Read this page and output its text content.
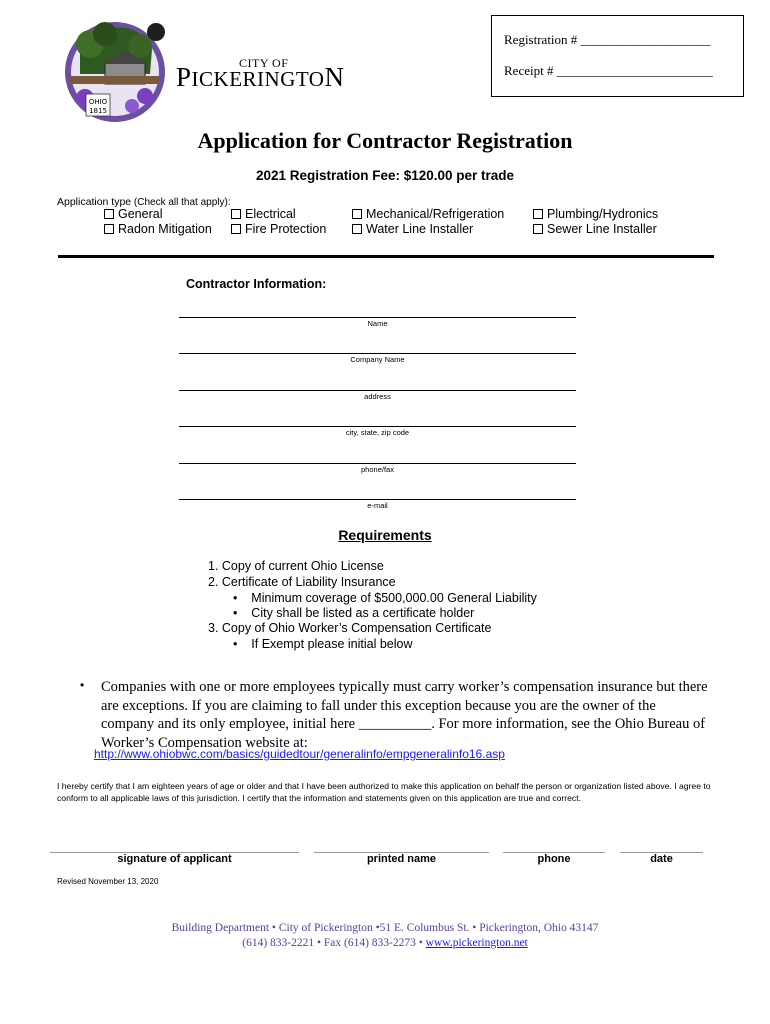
OHIO
1815
CITY OF
PICKERINGTON
Registration # ____________________
Receipt # ________________________
Application for Contractor Registration
2021 Registration Fee: $120.00 per trade
Application type (Check all that apply):
General	Electrical	Mechanical/Refrigeration	Plumbing/Hydronics
Radon Mitigation	Fire Protection	Water Line Installer	Sewer Line Installer
Contractor Information:
Name
Company Name
address
city, state, zip code
phone/fax
e-mail
Requirements
1. Copy of current Ohio License
2. Certificate of Liability Insurance
• Minimum coverage of $500,000.00 General Liability
• City shall be listed as a certificate holder
3. Copy of Ohio Worker’s Compensation Certificate
• If Exempt please initial below
• Companies with one or more employees typically must carry worker’s compensation insurance but there are exceptions. If you are claiming to fall under this exception because you are the owner of the company and its only employee, initial here __________. For more information, see the Ohio Bureau of Worker’s Compensation website at:
http://www.ohiobwc.com/basics/guidedtour/generalinfo/empgeneralinfo16.asp
I hereby certify that I am eighteen years of age or older and that I have been authorized to make this application on behalf the person or organization listed above. I agree to conform to all applicable laws of this jurisdiction. I certify that the information and statements given on this application are true and correct.
signature of applicant	printed name	phone	date
Revised November 13, 2020
Building Department • City of Pickerington •51 E. Columbus St. • Pickerington, Ohio 43147
(614) 833-2221 • Fax (614) 833-2273 • www.pickerington.net
